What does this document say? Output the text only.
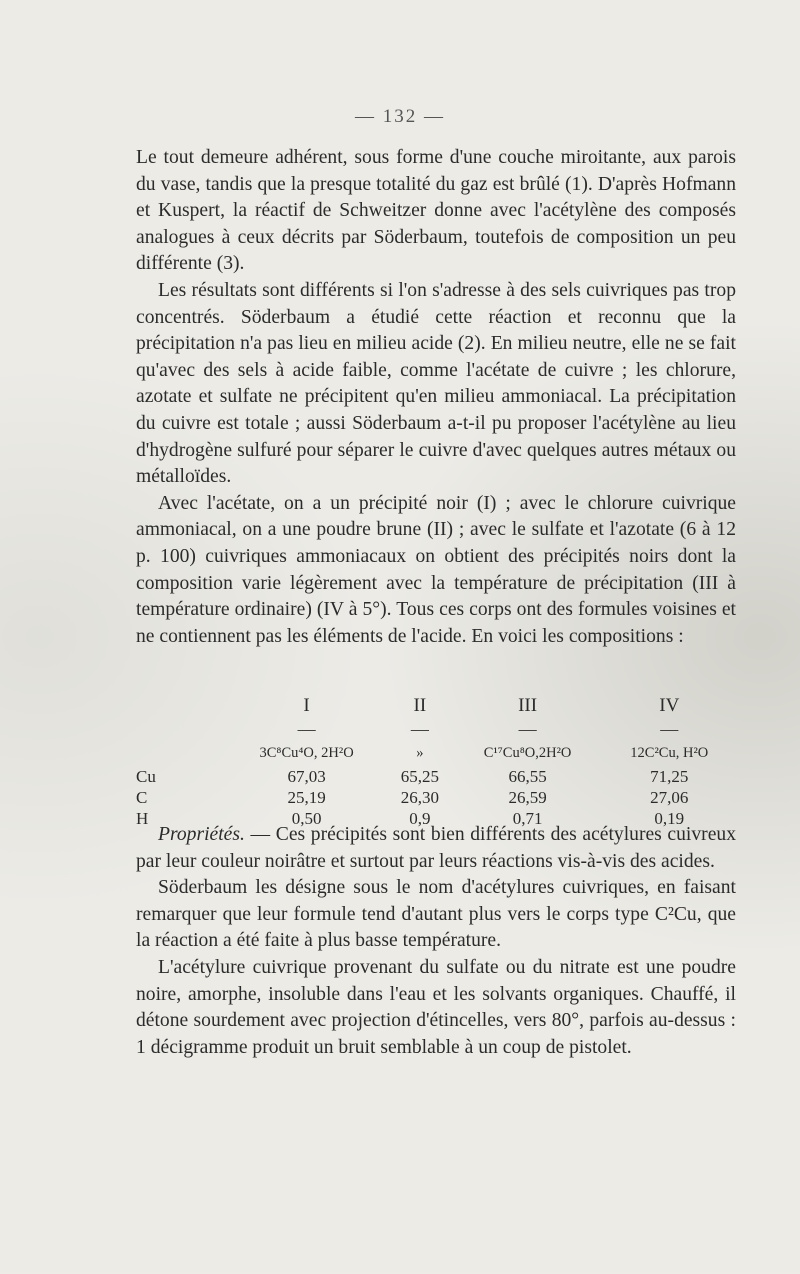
— 132 —

Le tout demeure adhérent, sous forme d'une couche miroitante, aux parois du vase, tandis que la presque totalité du gaz est brûlé (1). D'après Hofmann et Kuspert, la réactif de Schweitzer donne avec l'acétylène des composés analogues à ceux décrits par Söderbaum, toutefois de composition un peu différente (3).

Les résultats sont différents si l'on s'adresse à des sels cuivriques pas trop concentrés. Söderbaum a étudié cette réaction et reconnu que la précipitation n'a pas lieu en milieu acide (2). En milieu neutre, elle ne se fait qu'avec des sels à acide faible, comme l'acétate de cuivre ; les chlorure, azotate et sulfate ne précipitent qu'en milieu ammoniacal. La précipitation du cuivre est totale ; aussi Söderbaum a-t-il pu proposer l'acétylène au lieu d'hydrogène sulfuré pour séparer le cuivre d'avec quelques autres métaux ou métalloïdes.

Avec l'acétate, on a un précipité noir (I) ; avec le chlorure cuivrique ammoniacal, on a une poudre brune (II) ; avec le sulfate et l'azotate (6 à 12 p. 100) cuivriques ammoniacaux on obtient des précipités noirs dont la composition varie légèrement avec la température de précipitation (III à température ordinaire) (IV à 5°). Tous ces corps ont des formules voisines et ne contiennent pas les éléments de l'acide. En voici les compositions :

	I	II	III	IV
	—	—	—	—
	3C⁸Cu⁴O, 2H²O	»	C¹⁷Cu⁸O,2H²O	12C²Cu, H²O
Cu	67,03	65,25	66,55	71,25
C	25,19	26,30	26,59	27,06
H	0,50	0,9	0,71	0,19

Propriétés. — Ces précipités sont bien différents des acétylures cuivreux par leur couleur noirâtre et surtout par leurs réactions vis-à-vis des acides.

Söderbaum les désigne sous le nom d'acétylures cuivriques, en faisant remarquer que leur formule tend d'autant plus vers le corps type C²Cu, que la réaction a été faite à plus basse température.

L'acétylure cuivrique provenant du sulfate ou du nitrate est une poudre noire, amorphe, insoluble dans l'eau et les solvants organiques. Chauffé, il détone sourdement avec projection d'étincelles, vers 80°, parfois au-dessus : 1 décigramme produit un bruit semblable à un coup de pistolet.
